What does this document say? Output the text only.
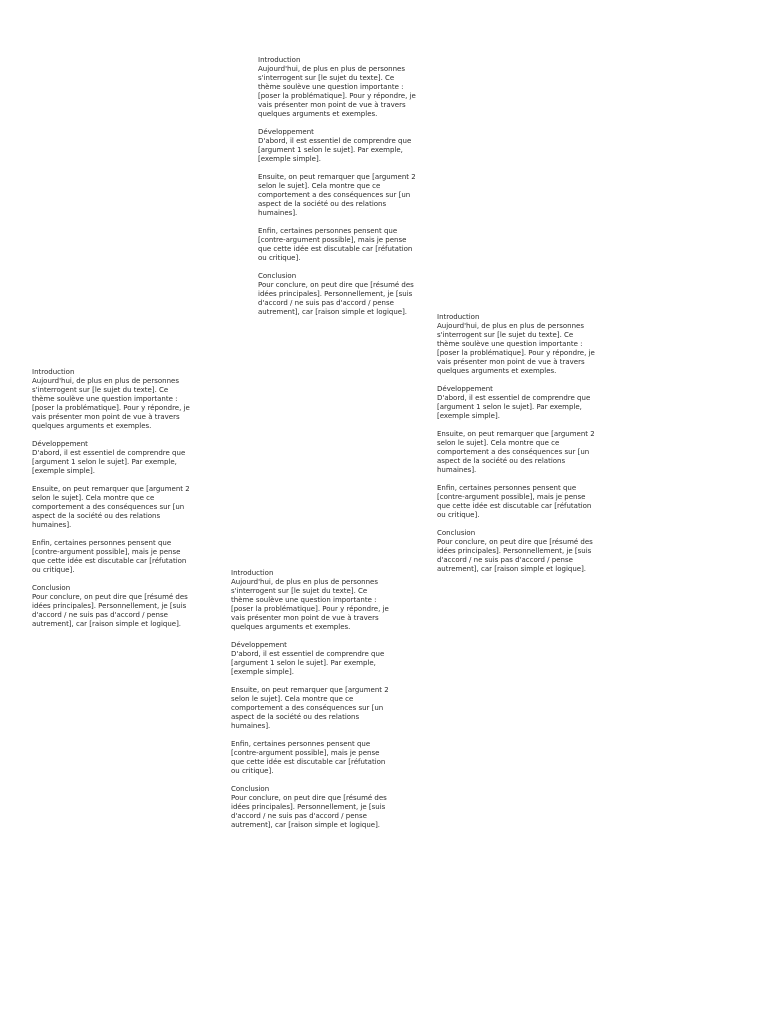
Introduction
Aujourd'hui, de plus en plus de personnes s'interrogent sur [le sujet du texte]. Ce thème soulève une question importante : [poser la problématique]. Pour y répondre, je vais présenter mon point de vue à travers quelques arguments et exemples.

Développement
D'abord, il est essentiel de comprendre que [argument 1 selon le sujet]. Par exemple, [exemple simple].

Ensuite, on peut remarquer que [argument 2 selon le sujet]. Cela montre que ce comportement a des conséquences sur [un aspect de la société ou des relations humaines].

Enfin, certaines personnes pensent que [contre-argument possible], mais je pense que cette idée est discutable car [réfutation ou critique].

Conclusion
Pour conclure, on peut dire que [résumé des idées principales]. Personnellement, je [suis d'accord / ne suis pas d'accord / pense autrement], car [raison simple et logique].

Introduction
Aujourd'hui, de plus en plus de personnes s'interrogent sur [le sujet du texte]. Ce thème soulève une question importante : [poser la problématique]. Pour y répondre, je vais présenter mon point de vue à travers quelques arguments et exemples.

Développement
D'abord, il est essentiel de comprendre que [argument 1 selon le sujet]. Par exemple, [exemple simple].

Ensuite, on peut remarquer que [argument 2 selon le sujet]. Cela montre que ce comportement a des conséquences sur [un aspect de la société ou des relations humaines].

Enfin, certaines personnes pensent que [contre-argument possible], mais je pense que cette idée est discutable car [réfutation ou critique].

Conclusion
Pour conclure, on peut dire que [résumé des idées principales]. Personnellement, je [suis d'accord / ne suis pas d'accord / pense autrement], car [raison simple et logique].

Introduction
Aujourd'hui, de plus en plus de personnes s'interrogent sur [le sujet du texte]. Ce thème soulève une question importante : [poser la problématique]. Pour y répondre, je vais présenter mon point de vue à travers quelques arguments et exemples.

Développement
D'abord, il est essentiel de comprendre que [argument 1 selon le sujet]. Par exemple, [exemple simple].

Ensuite, on peut remarquer que [argument 2 selon le sujet]. Cela montre que ce comportement a des conséquences sur [un aspect de la société ou des relations humaines].

Enfin, certaines personnes pensent que [contre-argument possible], mais je pense que cette idée est discutable car [réfutation ou critique].

Conclusion
Pour conclure, on peut dire que [résumé des idées principales]. Personnellement, je [suis d'accord / ne suis pas d'accord / pense autrement], car [raison simple et logique].

Introduction
Aujourd'hui, de plus en plus de personnes s'interrogent sur [le sujet du texte]. Ce thème soulève une question importante : [poser la problématique]. Pour y répondre, je vais présenter mon point de vue à travers quelques arguments et exemples.

Développement
D'abord, il est essentiel de comprendre que [argument 1 selon le sujet]. Par exemple, [exemple simple].

Ensuite, on peut remarquer que [argument 2 selon le sujet]. Cela montre que ce comportement a des conséquences sur [un aspect de la société ou des relations humaines].

Enfin, certaines personnes pensent que [contre-argument possible], mais je pense que cette idée est discutable car [réfutation ou critique].

Conclusion
Pour conclure, on peut dire que [résumé des idées principales]. Personnellement, je [suis d'accord / ne suis pas d'accord / pense autrement], car [raison simple et logique].
